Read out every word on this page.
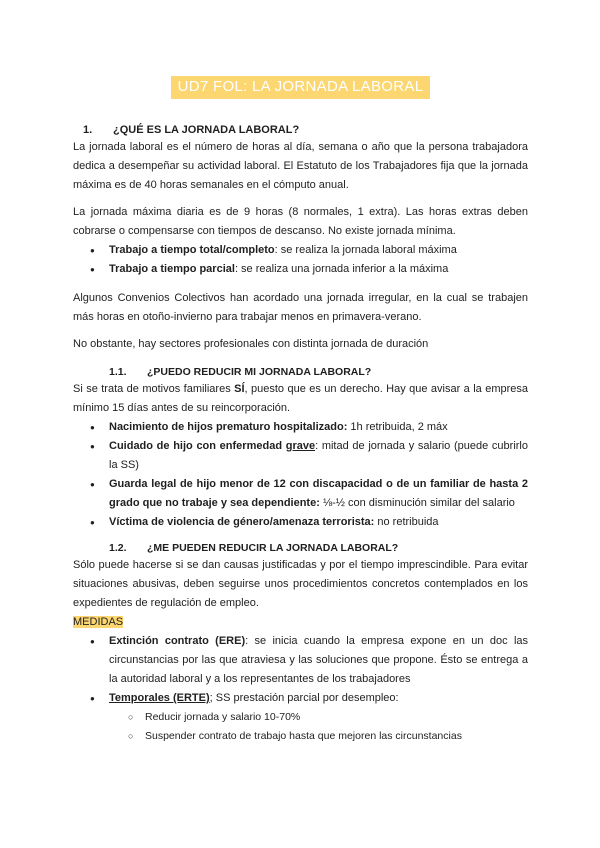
UD7 FOL: LA JORNADA LABORAL
1.	¿QUÉ ES LA JORNADA LABORAL?

La jornada laboral es el número de horas al día, semana o año que la persona trabajadora dedica a desempeñar su actividad laboral. El Estatuto de los Trabajadores fija que la jornada máxima es de 40 horas semanales en el cómputo anual.

La jornada máxima diaria es de 9 horas (8 normales, 1 extra). Las horas extras deben cobrarse o compensarse con tiempos de descanso. No existe jornada mínima.

● Trabajo a tiempo total/completo: se realiza la jornada laboral máxima
● Trabajo a tiempo parcial: se realiza una jornada inferior a la máxima

Algunos Convenios Colectivos han acordado una jornada irregular, en la cual se trabajen más horas en otoño-invierno para trabajar menos en primavera-verano.

No obstante, hay sectores profesionales con distinta jornada de duración

1.1.	¿PUEDO REDUCIR MI JORNADA LABORAL?

Si se trata de motivos familiares SÍ, puesto que es un derecho. Hay que avisar a la empresa mínimo 15 días antes de su reincorporación.

● Nacimiento de hijos prematuro hospitalizado: 1h retribuida, 2 máx
● Cuidado de hijo con enfermedad grave: mitad de jornada y salario (puede cubrirlo la SS)
● Guarda legal de hijo menor de 12 con discapacidad o de un familiar de hasta 2 grado que no trabaje y sea dependiente: ⅛-½ con disminución similar del salario
● Víctima de violencia de género/amenaza terrorista: no retribuida
1.2.	¿ME PUEDEN REDUCIR LA JORNADA LABORAL?

Sólo puede hacerse si se dan causas justificadas y por el tiempo imprescindible. Para evitar situaciones abusivas, deben seguirse unos procedimientos concretos contemplados en los expedientes de regulación de empleo.

MEDIDAS

● Extinción contrato (ERE): se inicia cuando la empresa expone en un doc las circunstancias por las que atraviesa y las soluciones que propone. Ésto se entrega a la autoridad laboral y a los representantes de los trabajadores
● Temporales (ERTE); SS prestación parcial por desempleo:
○ Reducir jornada y salario 10-70%
○ Suspender contrato de trabajo hasta que mejoren las circunstancias
